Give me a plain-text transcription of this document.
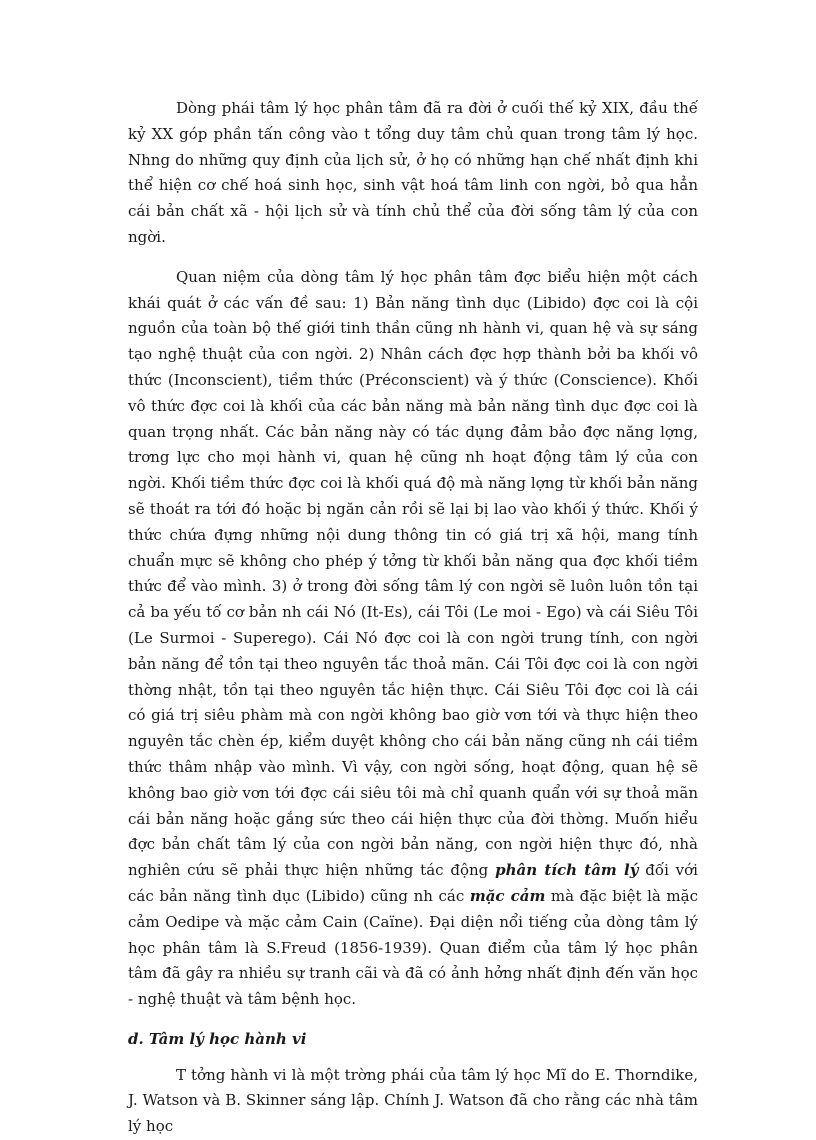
Dòng phái tâm lý học phân tâm đã ra đời ở cuối thế kỷ XIX, đầu thế kỷ XX góp phần tấn công vào t tổng duy tâm chủ quan trong tâm lý học. Nhng do những quy định của lịch sử, ở họ có những hạn chế nhất định khi thể hiện cơ chế hoá sinh học, sinh vật hoá tâm linh con ngời, bỏ qua hẳn cái bản chất xã - hội lịch sử và tính chủ thể của đời sống tâm lý của con ngời.

Quan niệm của dòng tâm lý học phân tâm đợc biểu hiện một cách khái quát ở các vấn đề sau: 1) Bản năng tình dục (Libido) đợc coi là cội nguồn của toàn bộ thế giới tinh thần cũng nh hành vi, quan hệ và sự sáng tạo nghệ thuật của con ngời. 2) Nhân cách đợc hợp thành bởi ba khối vô thức (Inconscient), tiềm thức (Préconscient) và ý thức (Conscience). Khối vô thức đợc coi là khối của các bản năng mà bản năng tình dục đợc coi là quan trọng nhất. Các bản năng này có tác dụng đảm bảo đợc năng lợng, trơng lực cho mọi hành vi, quan hệ cũng nh hoạt động tâm lý của con ngời. Khối tiềm thức đợc coi là khối quá độ mà năng lợng từ khối bản năng sẽ thoát ra tới đó hoặc bị ngăn cản rồi sẽ lại bị lao vào khối ý thức. Khối ý thức chứa đựng những nội dung thông tin có giá trị xã hội, mang tính chuẩn mực sẽ không cho phép ý tởng từ khối bản năng qua đợc khối tiềm thức để vào mình. 3) ở trong đời sống tâm lý con ngời sẽ luôn luôn tồn tại cả ba yếu tố cơ bản nh cái Nó (It-Es), cái Tôi (Le moi - Ego) và cái Siêu Tôi (Le Surmoi - Superego). Cái Nó đợc coi là con ngời trung tính, con ngời bản năng để tồn tại theo nguyên tắc thoả mãn. Cái Tôi đợc coi là con ngời thờng nhật, tồn tại theo nguyên tắc hiện thực. Cái Siêu Tôi đợc coi là cái có giá trị siêu phàm mà con ngời không bao giờ vơn tới và thực hiện theo nguyên tắc chèn ép, kiểm duyệt không cho cái bản năng cũng nh cái tiềm thức thâm nhập vào mình. Vì vậy, con ngời sống, hoạt động, quan hệ sẽ không bao giờ vơn tới đợc cái siêu tôi mà chỉ quanh quẩn với sự thoả mãn cái bản năng hoặc gắng sức theo cái hiện thực của đời thờng. Muốn hiểu đợc bản chất tâm lý của con ngời bản năng, con ngời hiện thực đó, nhà nghiên cứu sẽ phải thực hiện những tác động phân tích tâm lý đối với các bản năng tình dục (Libido) cũng nh các mặc cảm mà đặc biệt là mặc cảm Oedipe và mặc cảm Cain (Caïne). Đại diện nổi tiếng của dòng tâm lý học phân tâm là S.Freud (1856-1939). Quan điểm của tâm lý học phân tâm đã gây ra nhiều sự tranh cãi và đã có ảnh hởng nhất định đến văn học - nghệ thuật và tâm bệnh học.

d. Tâm lý học hành vi

T tởng hành vi là một trờng phái của tâm lý học Mĩ do E. Thorndike, J. Watson và B. Skinner sáng lập. Chính J. Watson đã cho rằng các nhà tâm lý học
